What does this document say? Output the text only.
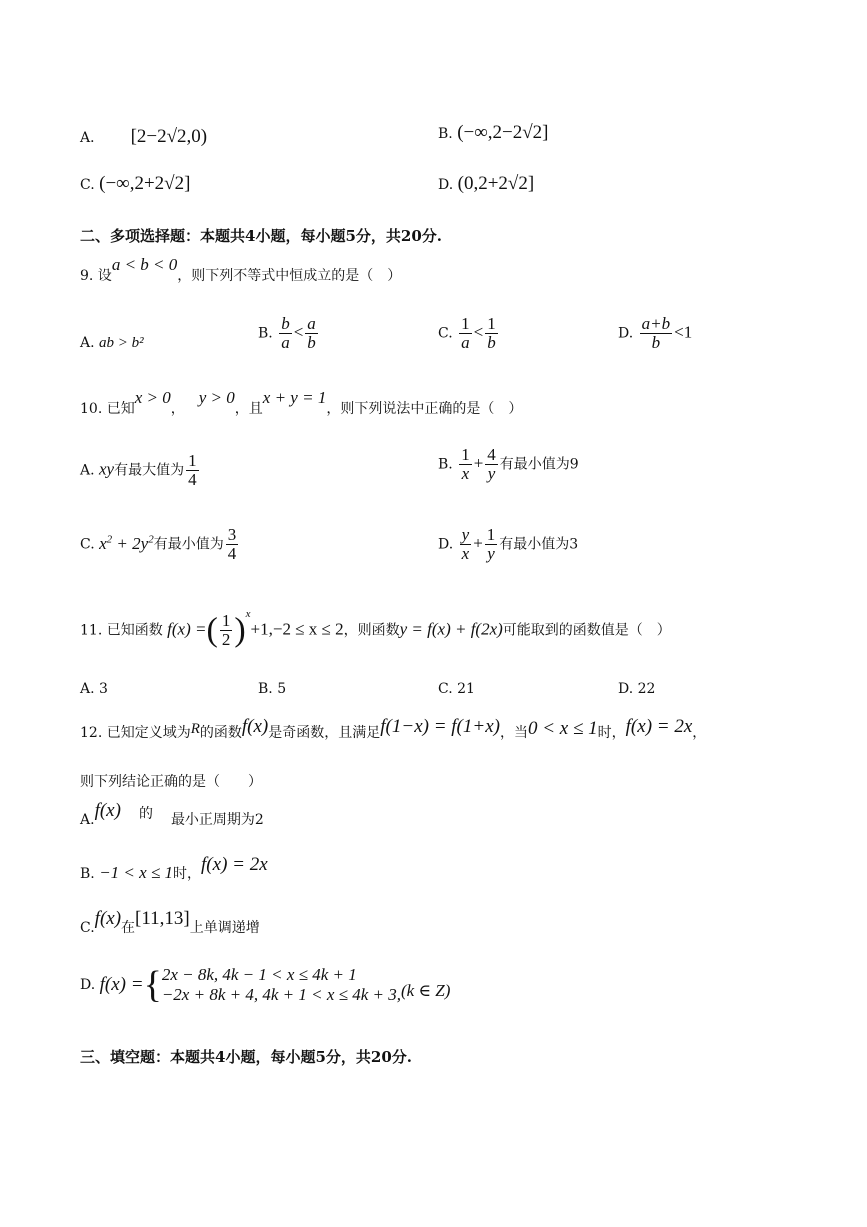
A． [2−2√2,0)	B. (−∞,2−2√2]
C. (−∞,2+2√2]	D. (0,2+2√2]
二、多项选择题：本题共4小题，每小题5分，共20分.
9. 设a < b < 0，则下列不等式中恒成立的是（　）
A. ab > b²
B. $\frac{b}{a} < \frac{a}{b}$	C. $\frac{1}{a} < \frac{1}{b}$	D. $\frac{a+b}{b} <1$
10. 已知x > 0，y > 0，且x + y = 1，则下列说法中正确的是（　）
A. xy有最大值为 $\frac{1}{4}$	B. $\frac{1}{x} + \frac{4}{y}$ 有最小值为9
C. $x^2 + 2y^2$有最小值为 $\frac{3}{4}$	D. $\frac{y}{x} + \frac{1}{y}$ 有最小值为3
11. 已知函数 f(x) =( $\frac{1}{2} )^x+1,-2 \le x \le 2$，则函数y = f(x) + f(2x)可能取到的函数值是（　）
A. 3	B. 5	C. 21	D. 22
12. 已知定义域为R的函数f(x)是奇函数，且满足f(1−x) = f(1+x)，当0 < x ≤ 1时，f(x) = 2x，
则下列结论正确的是（　　）
A.f(x) 的 最小正周期为2
B. −1 < x ≤ 1时，f(x) = 2x
C.f(x)在[11,13]上单调递增
D. f(x) ={ 2x − 8k, 4k − 1 < x ≤ 4k + 1
−2x + 8k + 4, 4k + 1 < x ≤ 4k + 3, (k ∈ Z)
三、填空题：本题共4小题，每小题5分，共20分.
